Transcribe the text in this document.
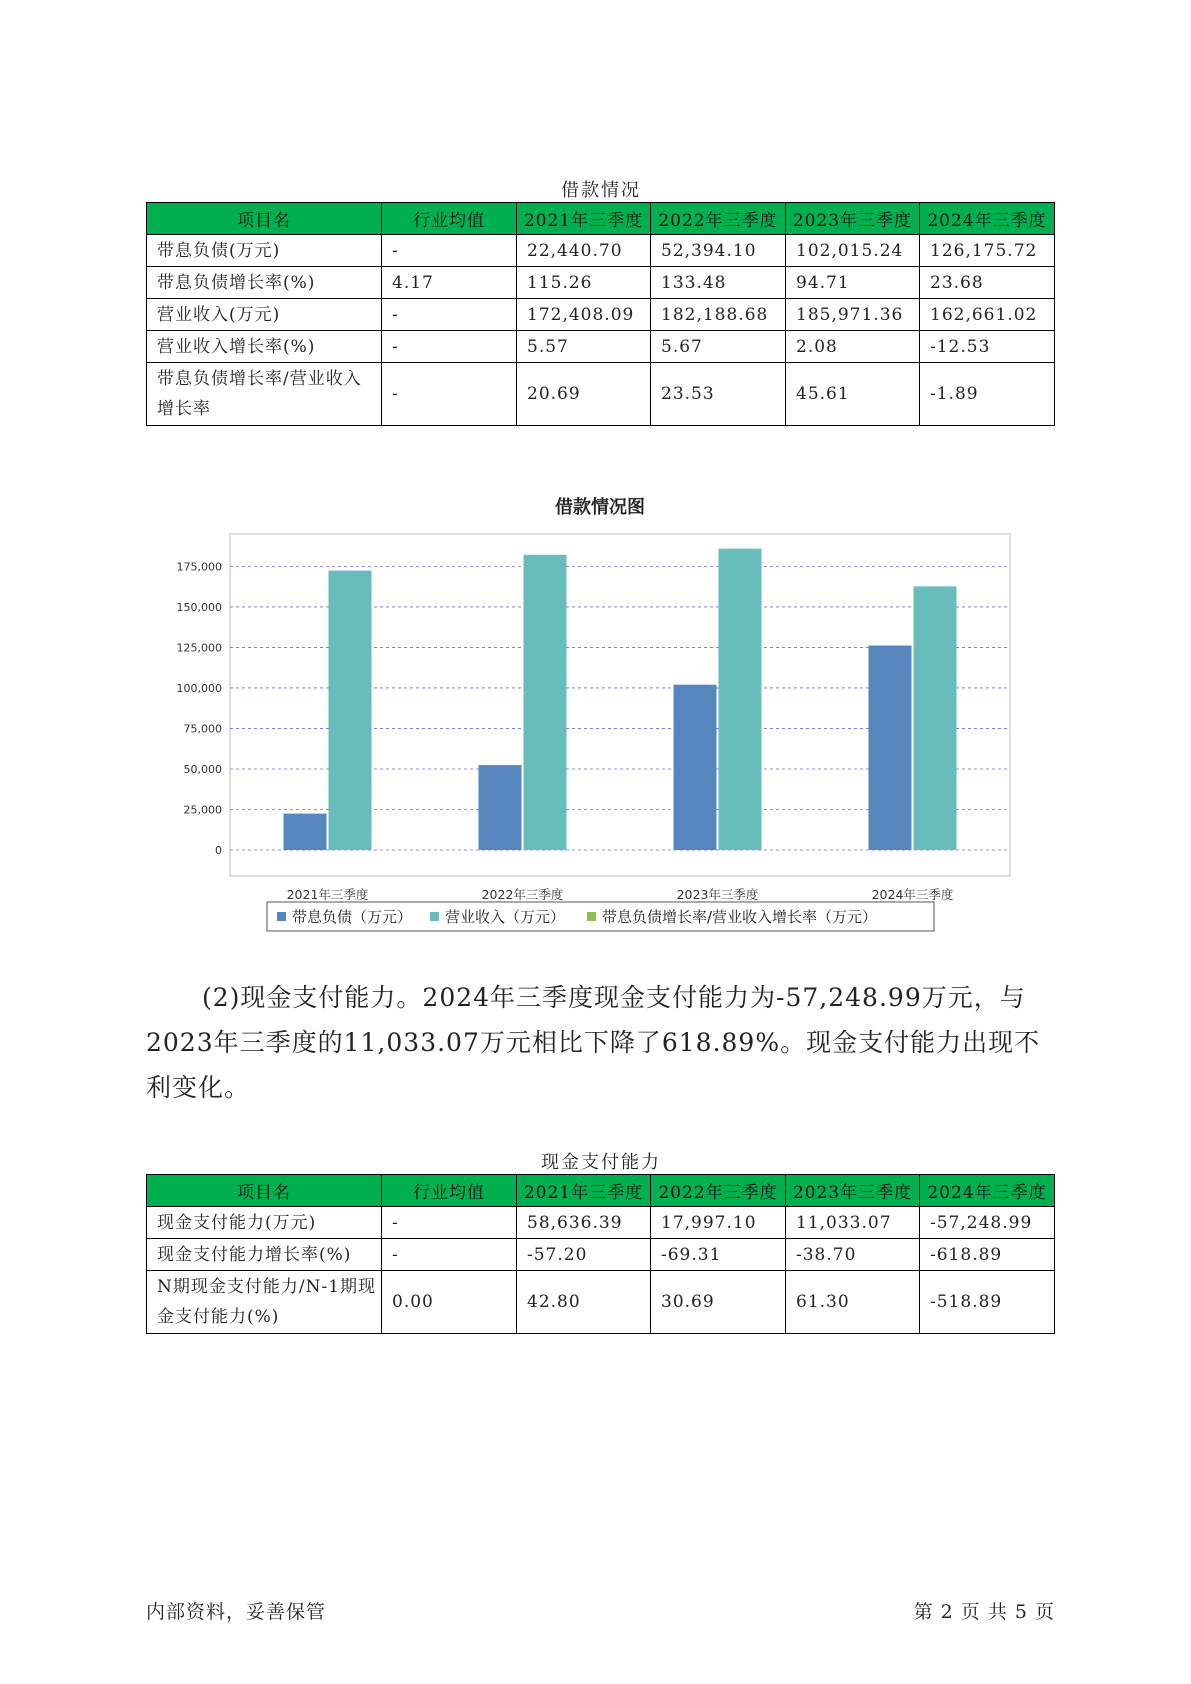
借款情况
项目名	行业均值	2021年三季度	2022年三季度	2023年三季度	2024年三季度
带息负债(万元)	-	22,440.70	52,394.10	102,015.24	126,175.72
带息负债增长率(%)	4.17	115.26	133.48	94.71	23.68
营业收入(万元)	-	172,408.09	182,188.68	185,971.36	162,661.02
营业收入增长率(%)	-	5.57	5.67	2.08	-12.53
带息负债增长率/营业收入增长率	-	20.69	23.53	45.61	-1.89
借款情况图
0
25,000
50,000
75,000
100,000
125,000
150,000
175,000
2021年三季度	2022年三季度	2023年三季度	2024年三季度
带息负债（万元） 营业收入（万元） 带息负债增长率/营业收入增长率（万元）

(2)现金支付能力。2024年三季度现金支付能力为-57,248.99万元，与2023年三季度的11,033.07万元相比下降了618.89%。现金支付能力出现不利变化。

现金支付能力
项目名	行业均值	2021年三季度	2022年三季度	2023年三季度	2024年三季度
现金支付能力(万元)	-	58,636.39	17,997.10	11,033.07	-57,248.99
现金支付能力增长率(%)	-	-57.20	-69.31	-38.70	-618.89
N期现金支付能力/N-1期现金支付能力(%)	0.00	42.80	30.69	61.30	-518.89
内部资料，妥善保管	第 2 页 共 5 页
